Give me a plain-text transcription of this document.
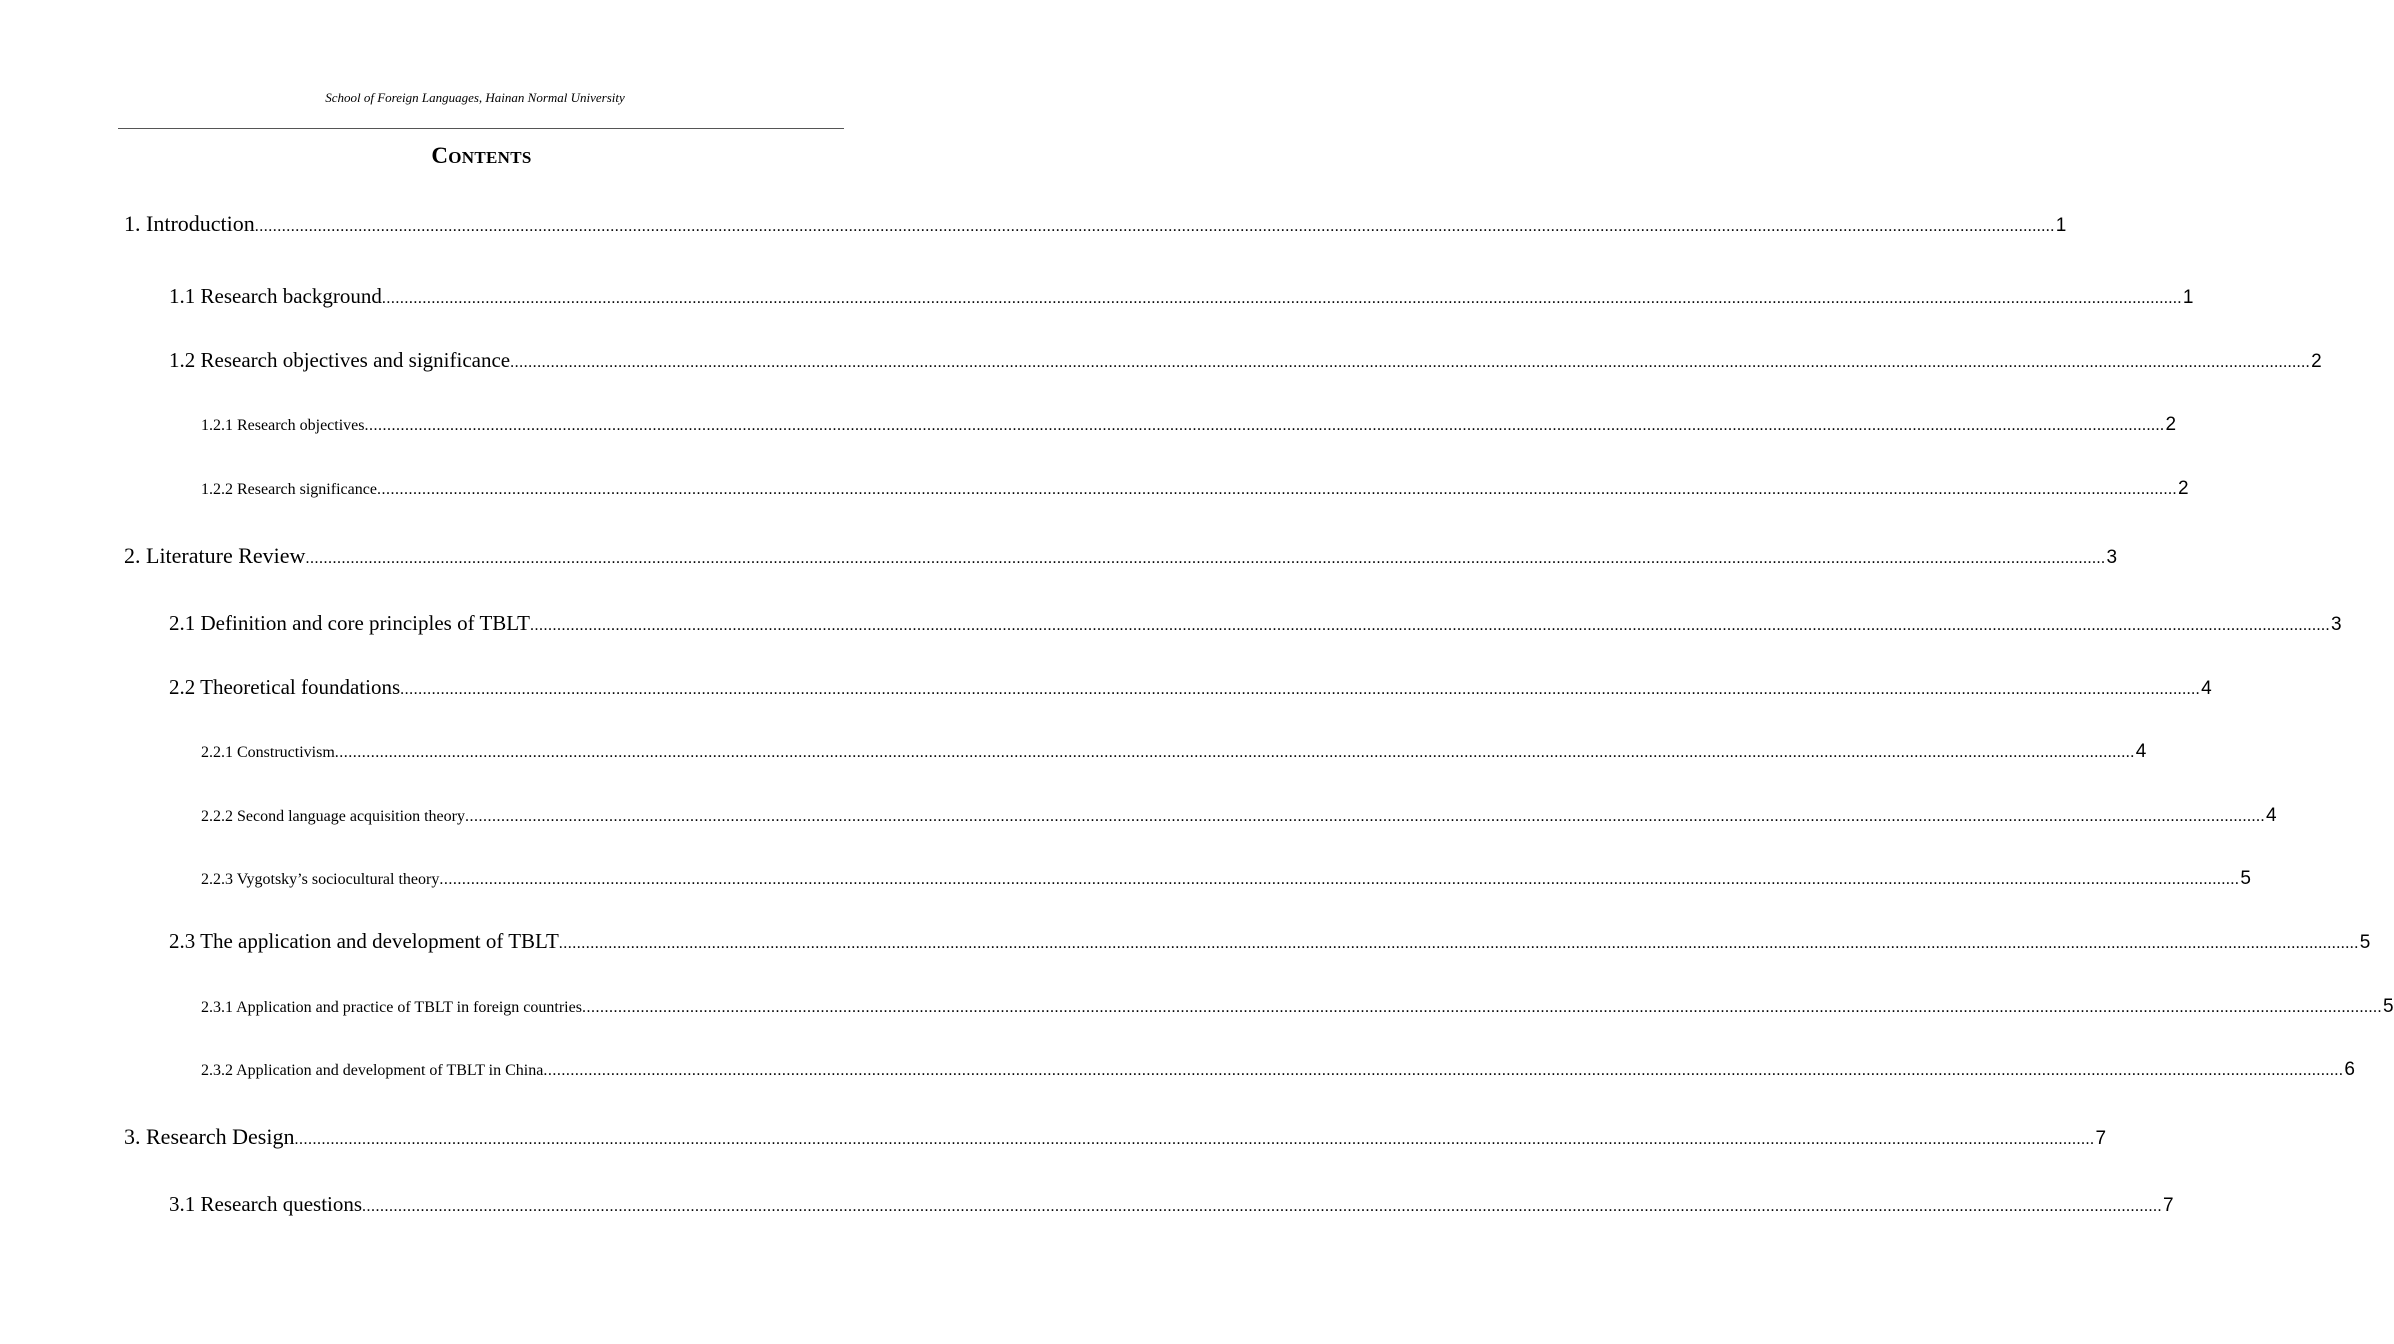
School of Foreign Languages, Hainan Normal University
CONTENTS
1. Introduction ................................................................................................................................................................................................................................................................................................................................................................................................................ 1
1.1 Research background ................................................................................................................................................................................................................................................................................................................................................................................................................ 1
1.2 Research objectives and significance ................................................................................................................................................................................................................................................................................................................................................................................................................ 2
1.2.1 Research objectives ................................................................................................................................................................................................................................................................................................................................................................................................................ 2
1.2.2 Research significance ................................................................................................................................................................................................................................................................................................................................................................................................................ 2
2. Literature Review ................................................................................................................................................................................................................................................................................................................................................................................................................ 3
2.1 Definition and core principles of TBLT ................................................................................................................................................................................................................................................................................................................................................................................................................ 3
2.2 Theoretical foundations ................................................................................................................................................................................................................................................................................................................................................................................................................ 4
2.2.1 Constructivism ................................................................................................................................................................................................................................................................................................................................................................................................................ 4
2.2.2 Second language acquisition theory ................................................................................................................................................................................................................................................................................................................................................................................................................ 4
2.2.3 Vygotsky’s sociocultural theory ................................................................................................................................................................................................................................................................................................................................................................................................................ 5
2.3 The application and development of TBLT ................................................................................................................................................................................................................................................................................................................................................................................................................ 5
2.3.1 Application and practice of TBLT in foreign countries ................................................................................................................................................................................................................................................................................................................................................................................................................ 5
2.3.2 Application and development of TBLT in China ................................................................................................................................................................................................................................................................................................................................................................................................................ 6
3. Research Design ................................................................................................................................................................................................................................................................................................................................................................................................................ 7
3.1 Research questions ................................................................................................................................................................................................................................................................................................................................................................................................................ 7
